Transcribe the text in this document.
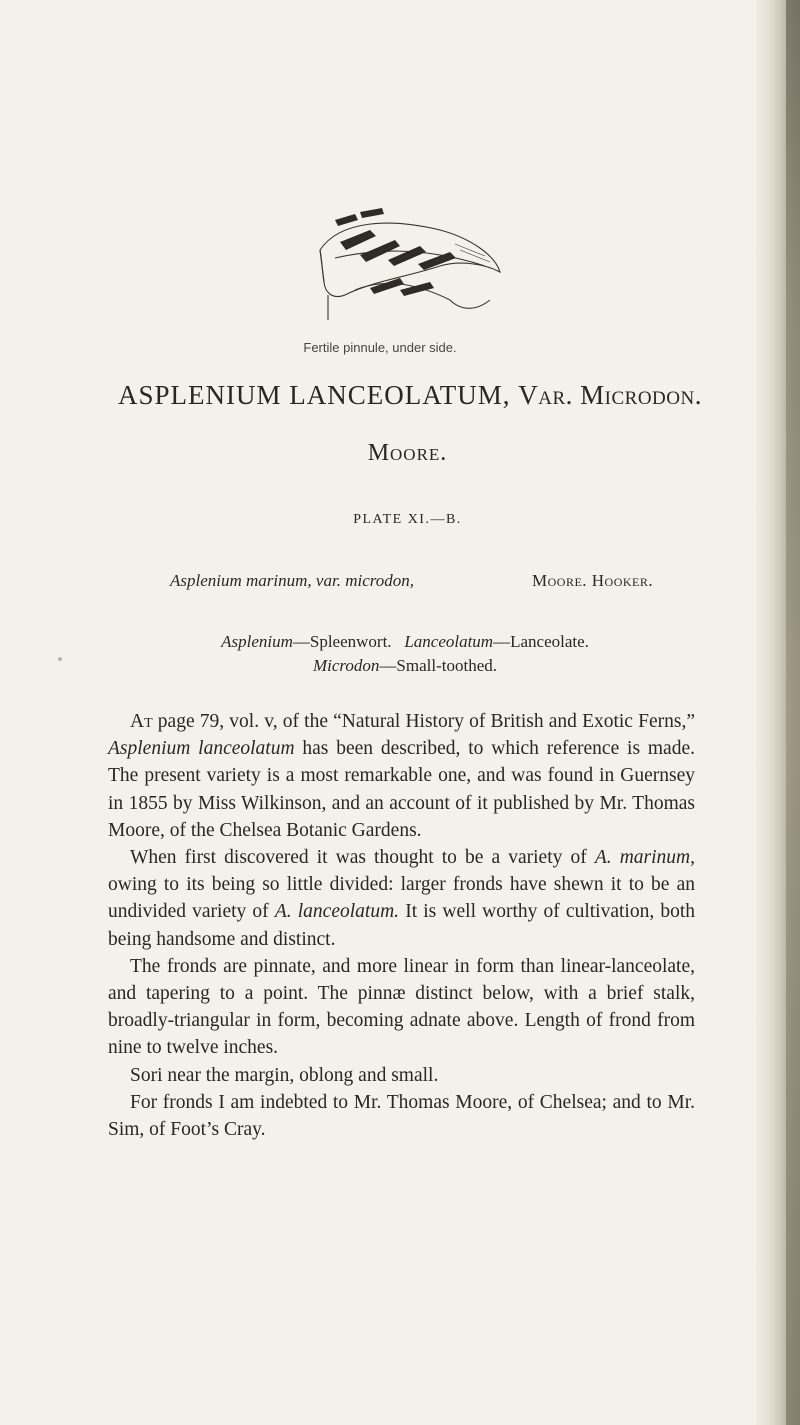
Fertile pinnule, under side.
ASPLENIUM LANCEOLATUM, Var. Microdon.
Moore.
PLATE XI.—B.
Asplenium marinum, var. microdon,	Moore. Hooker.
Asplenium—Spleenwort. Lanceolatum—Lanceolate.
Microdon—Small-toothed.

At page 79, vol. v, of the “Natural History of British and Exotic Ferns,” Asplenium lanceolatum has been described, to which reference is made. The present variety is a most remarkable one, and was found in Guernsey in 1855 by Miss Wilkinson, and an account of it published by Mr. Thomas Moore, of the Chelsea Botanic Gardens.

When first discovered it was thought to be a variety of A. marinum, owing to its being so little divided: larger fronds have shewn it to be an undivided variety of A. lanceolatum. It is well worthy of cultivation, both being handsome and distinct.

The fronds are pinnate, and more linear in form than linear-lanceolate, and tapering to a point. The pinnæ distinct below, with a brief stalk, broadly-triangular in form, becoming adnate above. Length of frond from nine to twelve inches.

Sori near the margin, oblong and small.

For fronds I am indebted to Mr. Thomas Moore, of Chelsea; and to Mr. Sim, of Foot’s Cray.
